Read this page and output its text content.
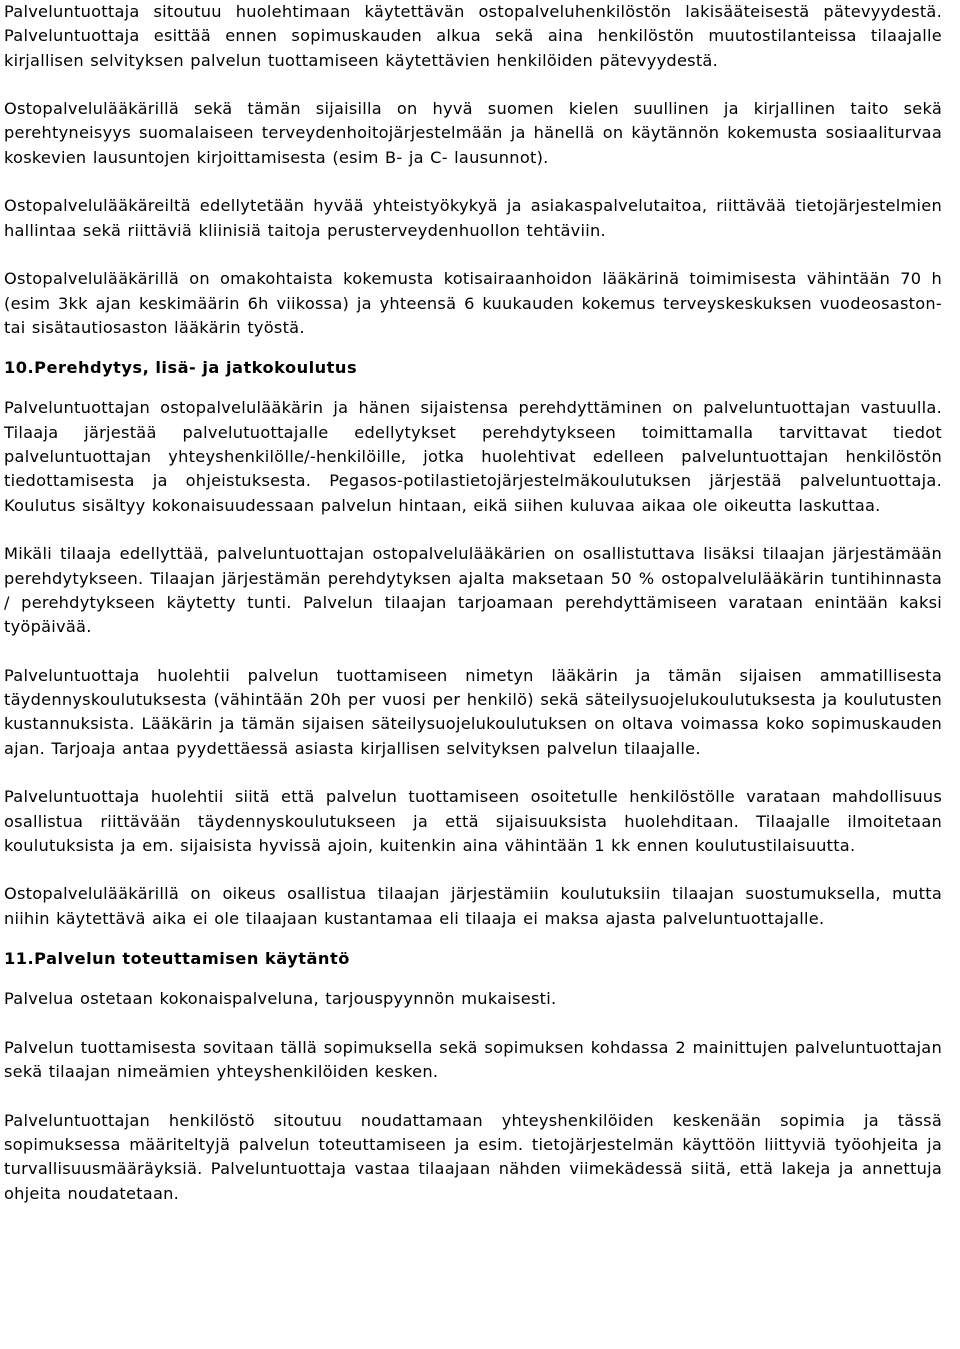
Palveluntuottaja sitoutuu huolehtimaan käytettävän ostopalveluhenkilöstön lakisääteisestä pätevyydestä. Palveluntuottaja esittää ennen sopimuskauden alkua sekä aina henkilöstön muutostilanteissa tilaajalle kirjallisen selvityksen palvelun tuottamiseen käytettävien henkilöiden pätevyydestä.

Ostopalvelulääkärillä sekä tämän sijaisilla on hyvä suomen kielen suullinen ja kirjallinen taito sekä perehtyneisyys suomalaiseen terveydenhoitojärjestelmään ja hänellä on käytännön kokemusta sosiaaliturvaa koskevien lausuntojen kirjoittamisesta (esim B- ja C- lausunnot).

Ostopalvelulääkäreiltä edellytetään hyvää yhteistyökykyä ja asiakaspalvelutaitoa, riittävää tietojärjestelmien hallintaa sekä riittäviä kliinisiä taitoja perusterveydenhuollon tehtäviin.

Ostopalvelulääkärillä on omakohtaista kokemusta kotisairaanhoidon lääkärinä toimimisesta vähintään 70 h (esim 3kk ajan keskimäärin 6h viikossa) ja yhteensä 6 kuukauden kokemus terveyskeskuksen vuodeosaston- tai sisätautiosaston lääkärin työstä.

10.Perehdytys, lisä- ja jatkokoulutus

Palveluntuottajan ostopalvelulääkärin ja hänen sijaistensa perehdyttäminen on palveluntuottajan vastuulla. Tilaaja järjestää palvelutuottajalle edellytykset perehdytykseen toimittamalla tarvittavat tiedot palveluntuottajan yhteyshenkilölle/-henkilöille, jotka huolehtivat edelleen palveluntuottajan henkilöstön tiedottamisesta ja ohjeistuksesta. Pegasos-potilastietojärjestelmäkoulutuksen järjestää palveluntuottaja. Koulutus sisältyy kokonaisuudessaan palvelun hintaan, eikä siihen kuluvaa aikaa ole oikeutta laskuttaa.

Mikäli tilaaja edellyttää, palveluntuottajan ostopalvelulääkärien on osallistuttava lisäksi tilaajan järjestämään perehdytykseen. Tilaajan järjestämän perehdytyksen ajalta maksetaan 50 % ostopalvelulääkärin tuntihinnasta / perehdytykseen käytetty tunti. Palvelun tilaajan tarjoamaan perehdyttämiseen varataan enintään kaksi työpäivää.

Palveluntuottaja huolehtii palvelun tuottamiseen nimetyn lääkärin ja tämän sijaisen ammatillisesta täydennyskoulutuksesta (vähintään 20h per vuosi per henkilö) sekä säteilysuojelukoulutuksesta ja koulutusten kustannuksista. Lääkärin ja tämän sijaisen säteilysuojelukoulutuksen on oltava voimassa koko sopimuskauden ajan. Tarjoaja antaa pyydettäessä asiasta kirjallisen selvityksen palvelun tilaajalle.

Palveluntuottaja huolehtii siitä että palvelun tuottamiseen osoitetulle henkilöstölle varataan mahdollisuus osallistua riittävään täydennyskoulutukseen ja että sijaisuuksista huolehditaan. Tilaajalle ilmoitetaan koulutuksista ja em. sijaisista hyvissä ajoin, kuitenkin aina vähintään 1 kk ennen koulutustilaisuutta.

Ostopalvelulääkärillä on oikeus osallistua tilaajan järjestämiin koulutuksiin tilaajan suostumuksella, mutta niihin käytettävä aika ei ole tilaajaan kustantamaa eli tilaaja ei maksa ajasta palveluntuottajalle.

11.Palvelun toteuttamisen käytäntö

Palvelua ostetaan kokonaispalveluna, tarjouspyynnön mukaisesti.

Palvelun tuottamisesta sovitaan tällä sopimuksella sekä sopimuksen kohdassa 2 mainittujen palveluntuottajan sekä tilaajan nimeämien yhteyshenkilöiden kesken.

Palveluntuottajan henkilöstö sitoutuu noudattamaan yhteyshenkilöiden keskenään sopimia ja tässä sopimuksessa määriteltyjä palvelun toteuttamiseen ja esim. tietojärjestelmän käyttöön liittyviä työohjeita ja turvallisuusmääräyksiä. Palveluntuottaja vastaa tilaajaan nähden viimekädessä siitä, että lakeja ja annettuja ohjeita noudatetaan.
